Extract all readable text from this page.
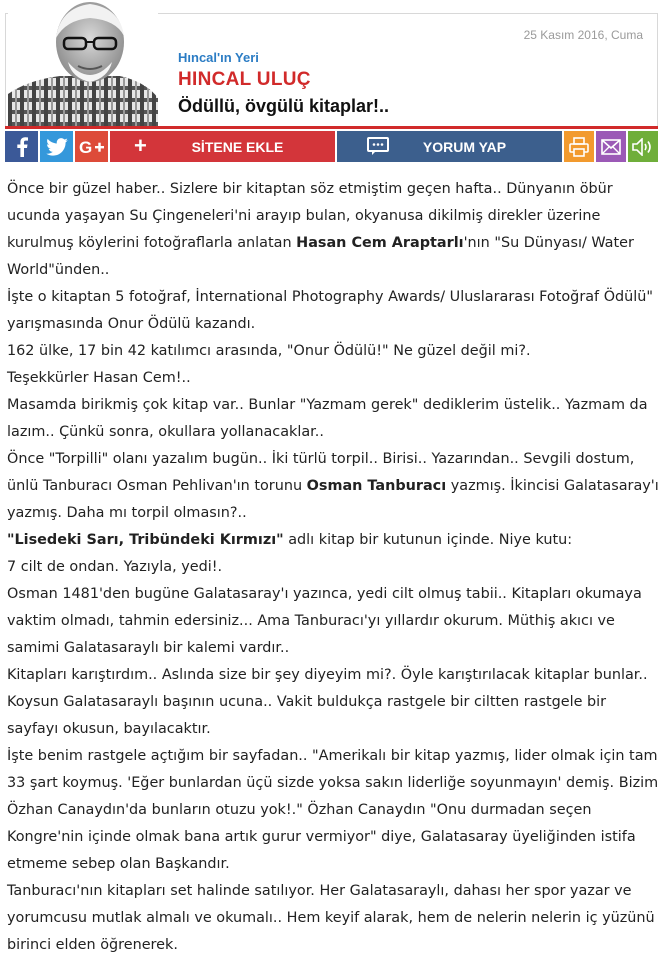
25 Kasım 2016, Cuma
Hıncal'ın Yeri
HINCAL ULUÇ
Ödüllü, övgülü kitaplar!..
G +	SİTENE EKLE	YORUM YAP

Önce bir güzel haber.. Sizlere bir kitaptan söz etmiştim geçen hafta.. Dünyanın öbür ucunda yaşayan Su Çingeneleri'ni arayıp bulan, okyanusa dikilmiş direkler üzerine kurulmuş köylerini fotoğraflarla anlatan Hasan Cem Araptarlı'nın "Su Dünyası/ Water World"ünden..

İşte o kitaptan 5 fotoğraf, İnternational Photography Awards/ Uluslararası Fotoğraf Ödülü" yarışmasında Onur Ödülü kazandı.

162 ülke, 17 bin 42 katılımcı arasında, "Onur Ödülü!" Ne güzel değil mi?.

Teşekkürler Hasan Cem!..

Masamda birikmiş çok kitap var.. Bunlar "Yazmam gerek" dediklerim üstelik.. Yazmam da lazım.. Çünkü sonra, okullara yollanacaklar..

Önce "Torpilli" olanı yazalım bugün.. İki türlü torpil.. Birisi.. Yazarından.. Sevgili dostum, ünlü Tanburacı Osman Pehlivan'ın torunu Osman Tanburacı yazmış. İkincisi Galatasaray'ı yazmış. Daha mı torpil olmasın?..

"Lisedeki Sarı, Tribündeki Kırmızı" adlı kitap bir kutunun içinde. Niye kutu:

7 cilt de ondan. Yazıyla, yedi!.

Osman 1481'den bugüne Galatasaray'ı yazınca, yedi cilt olmuş tabii.. Kitapları okumaya vaktim olmadı, tahmin edersiniz... Ama Tanburacı'yı yıllardır okurum. Müthiş akıcı ve samimi Galatasaraylı bir kalemi vardır..

Kitapları karıştırdım.. Aslında size bir şey diyeyim mi?. Öyle karıştırılacak kitaplar bunlar.. Koysun Galatasaraylı başının ucuna.. Vakit buldukça rastgele bir ciltten rastgele bir sayfayı okusun, bayılacaktır.

İşte benim rastgele açtığım bir sayfadan.. "Amerikalı bir kitap yazmış, lider olmak için tam 33 şart koymuş. 'Eğer bunlardan üçü sizde yoksa sakın liderliğe soyunmayın' demiş. Bizim Özhan Canaydın'da bunların otuzu yok!." Özhan Canaydın "Onu durmadan seçen Kongre'nin içinde olmak bana artık gurur vermiyor" diye, Galatasaray üyeliğinden istifa etmeme sebep olan Başkandır.

Tanburacı'nın kitapları set halinde satılıyor. Her Galatasaraylı, dahası her spor yazar ve yorumcusu mutlak almalı ve okumalı.. Hem keyif alarak, hem de nelerin nelerin iç yüzünü birinci elden öğrenerek.
